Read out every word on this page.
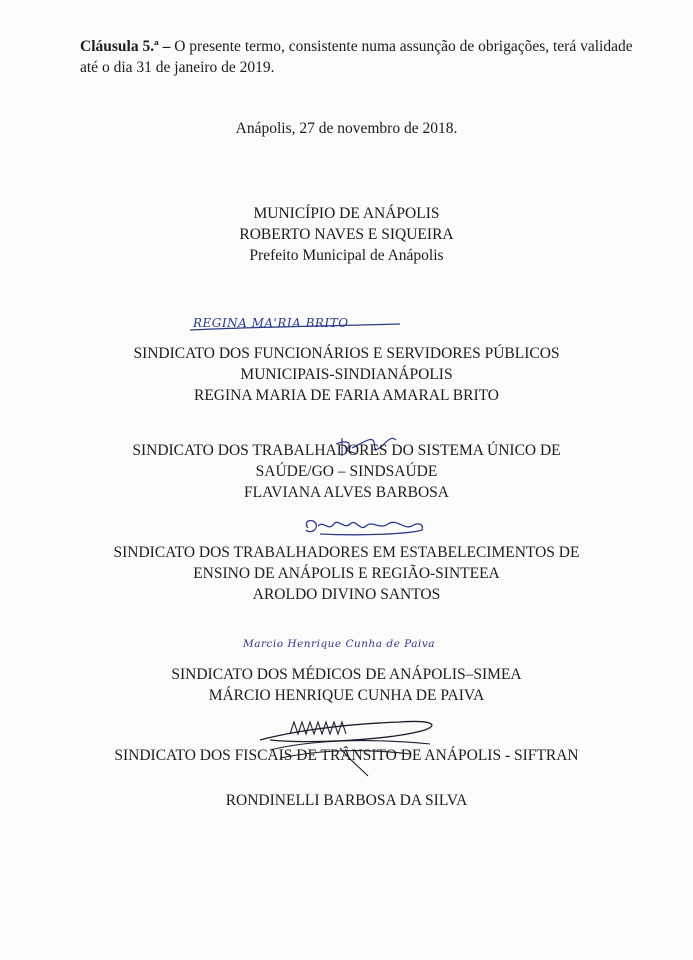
Cláusula 5.ª – O presente termo, consistente numa assunção de obrigações, terá validade até o dia 31 de janeiro de 2019.

Anápolis, 27 de novembro de 2018.
MUNICÍPIO DE ANÁPOLIS
ROBERTO NAVES E SIQUEIRA
Prefeito Municipal de Anápolis
REGINA MA'RIA BRITO
SINDICATO DOS FUNCIONÁRIOS E SERVIDORES PÚBLICOS
MUNICIPAIS-SINDIANÁPOLIS
REGINA MARIA DE FARIA AMARAL BRITO
SINDICATO DOS TRABALHADORES DO SISTEMA ÚNICO DE
SAÚDE/GO – SINDSAÚDE
FLAVIANA ALVES BARBOSA
SINDICATO DOS TRABALHADORES EM ESTABELECIMENTOS DE
ENSINO DE ANÁPOLIS E REGIÃO-SINTEEA
AROLDO DIVINO SANTOS
Marcio Henrique Cunha de Paiva
SINDICATO DOS MÉDICOS DE ANÁPOLIS–SIMEA
MÁRCIO HENRIQUE CUNHA DE PAIVA
SINDICATO DOS FISCAIS DE TRÂNSITO DE ANÁPOLIS - SIFTRAN
RONDINELLI BARBOSA DA SILVA
